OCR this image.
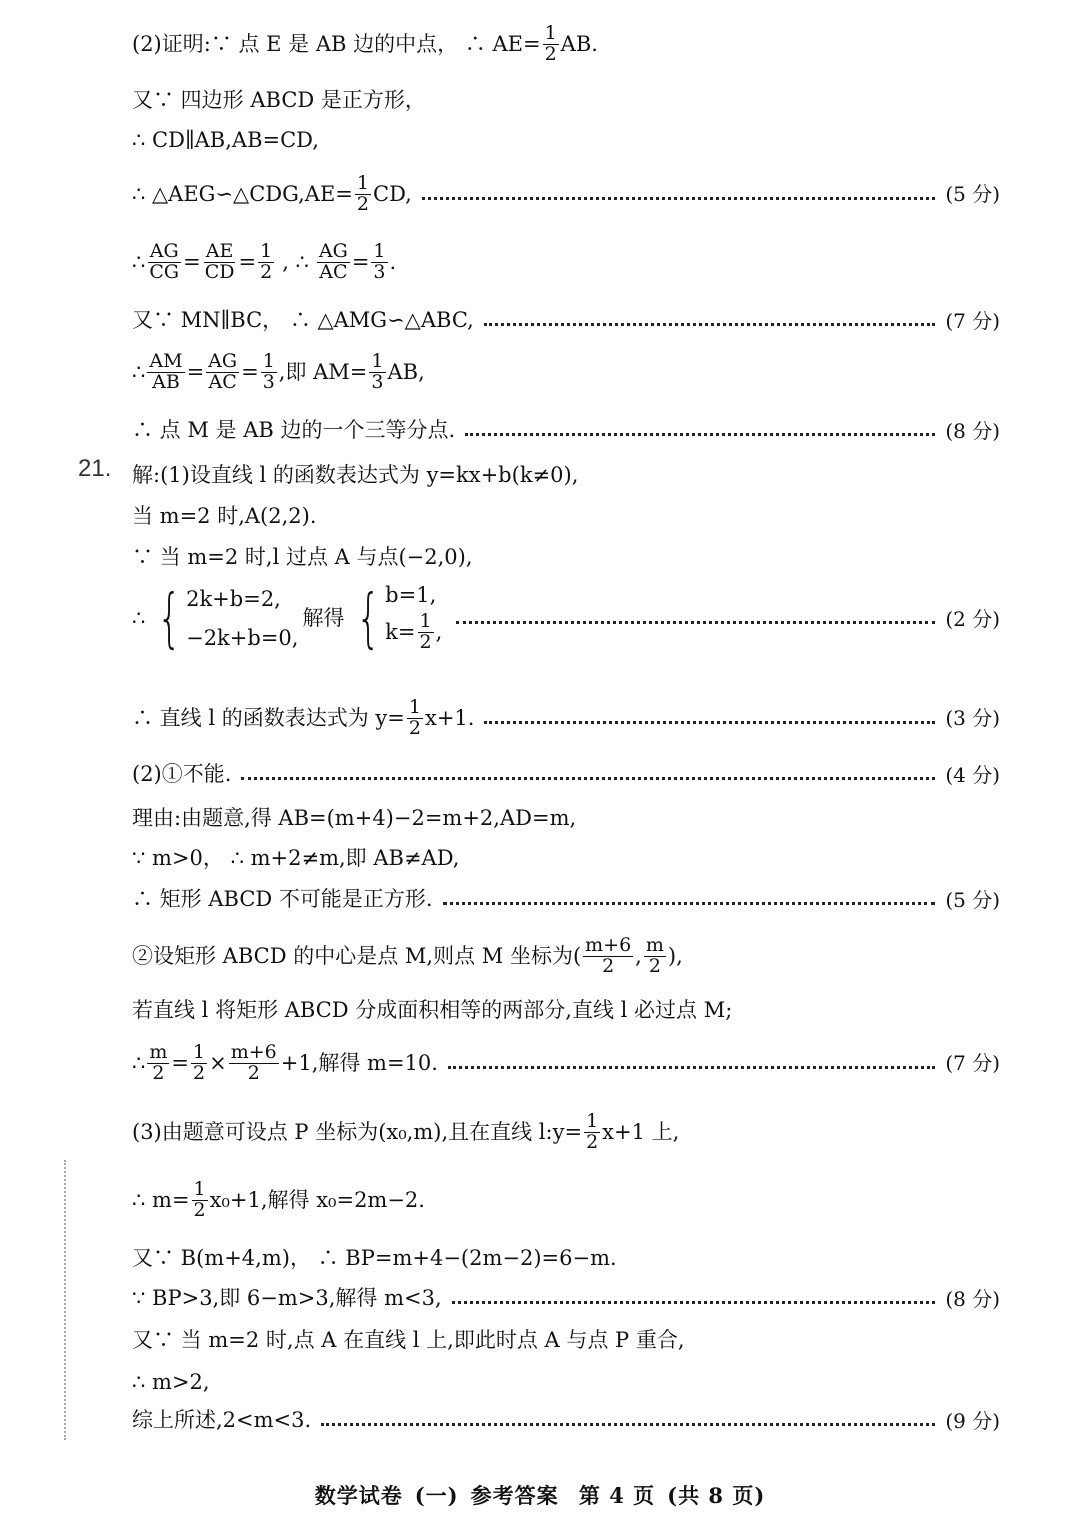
(2)证明:∵ 点 E 是 AB 边的中点， ∴ $AE= \frac{1}{2}$ AB.
又∵ 四边形 ABCD 是正方形，
∴ CD∥AB,AB=CD,
∴ △AEG∽△CDG,AE= $\frac{1}{2}$ CD,	(5 分)
∴ $\frac{AG}{CG} = \frac{AE}{CD} = \frac{1}{2}$ , ∴ $\frac{AG}{AC} = \frac{1}{3}$ .
又∵ MN∥BC， ∴ △AMG∽△ABC,	(7 分)
∴ $\frac{AM}{AB} = \frac{AG}{AC} = \frac{1}{3}$ ,即 $AM= \frac{1}{3}$ AB,
∴ 点 M 是 AB 边的一个三等分点.	(8 分)
21. 解:(1)设直线 l 的函数表达式为 y=kx+b(k≠0),
当 m=2 时,A(2,2).
∵ 当 m=2 时,l 过点 A 与点(−2,0),
∴ { 2k+b=2,
−2k+b=0,
解得 { b=1,
$k= \frac{1}{2}$ ,
(2 分)
∴ 直线 l 的函数表达式为 $y= \frac{1}{2} x+1$.	(3 分)
(2)①不能.	(4 分)
理由:由题意,得 AB=(m+4)−2=m+2,AD=m,
∵ m>0， ∴ m+2≠m,即 AB≠AD,
∴ 矩形 ABCD 不可能是正方形.	(5 分)
②设矩形 ABCD 的中心是点 M,则点 M 坐标为( $\frac{m+6}{2}$ , $\frac{m}{2}$ ),
若直线 l 将矩形 ABCD 分成面积相等的两部分,直线 l 必过点 M;
∴ $\frac{m}{2} = \frac{1}{2} \times \frac{m+6}{2} +1$,解得 m=10.	(7 分)
(3)由题意可设点 P 坐标为(x₀,m),且在直线 l:y= $\frac{1}{2} x+1$ 上,
∴ $m= \frac{1}{2} x_0+1$,解得 x₀=2m−2.
又∵ B(m+4,m)， ∴ BP=m+4−(2m−2)=6−m.
∵ BP>3,即 6−m>3,解得 m<3,	(8 分)
又∵ 当 m=2 时,点 A 在直线 l 上,即此时点 A 与点 P 重合,
∴ m>2,
综上所述,2<m<3.	(9 分)
数学试卷 (一) 参考答案 第 4 页 (共 8 页)
